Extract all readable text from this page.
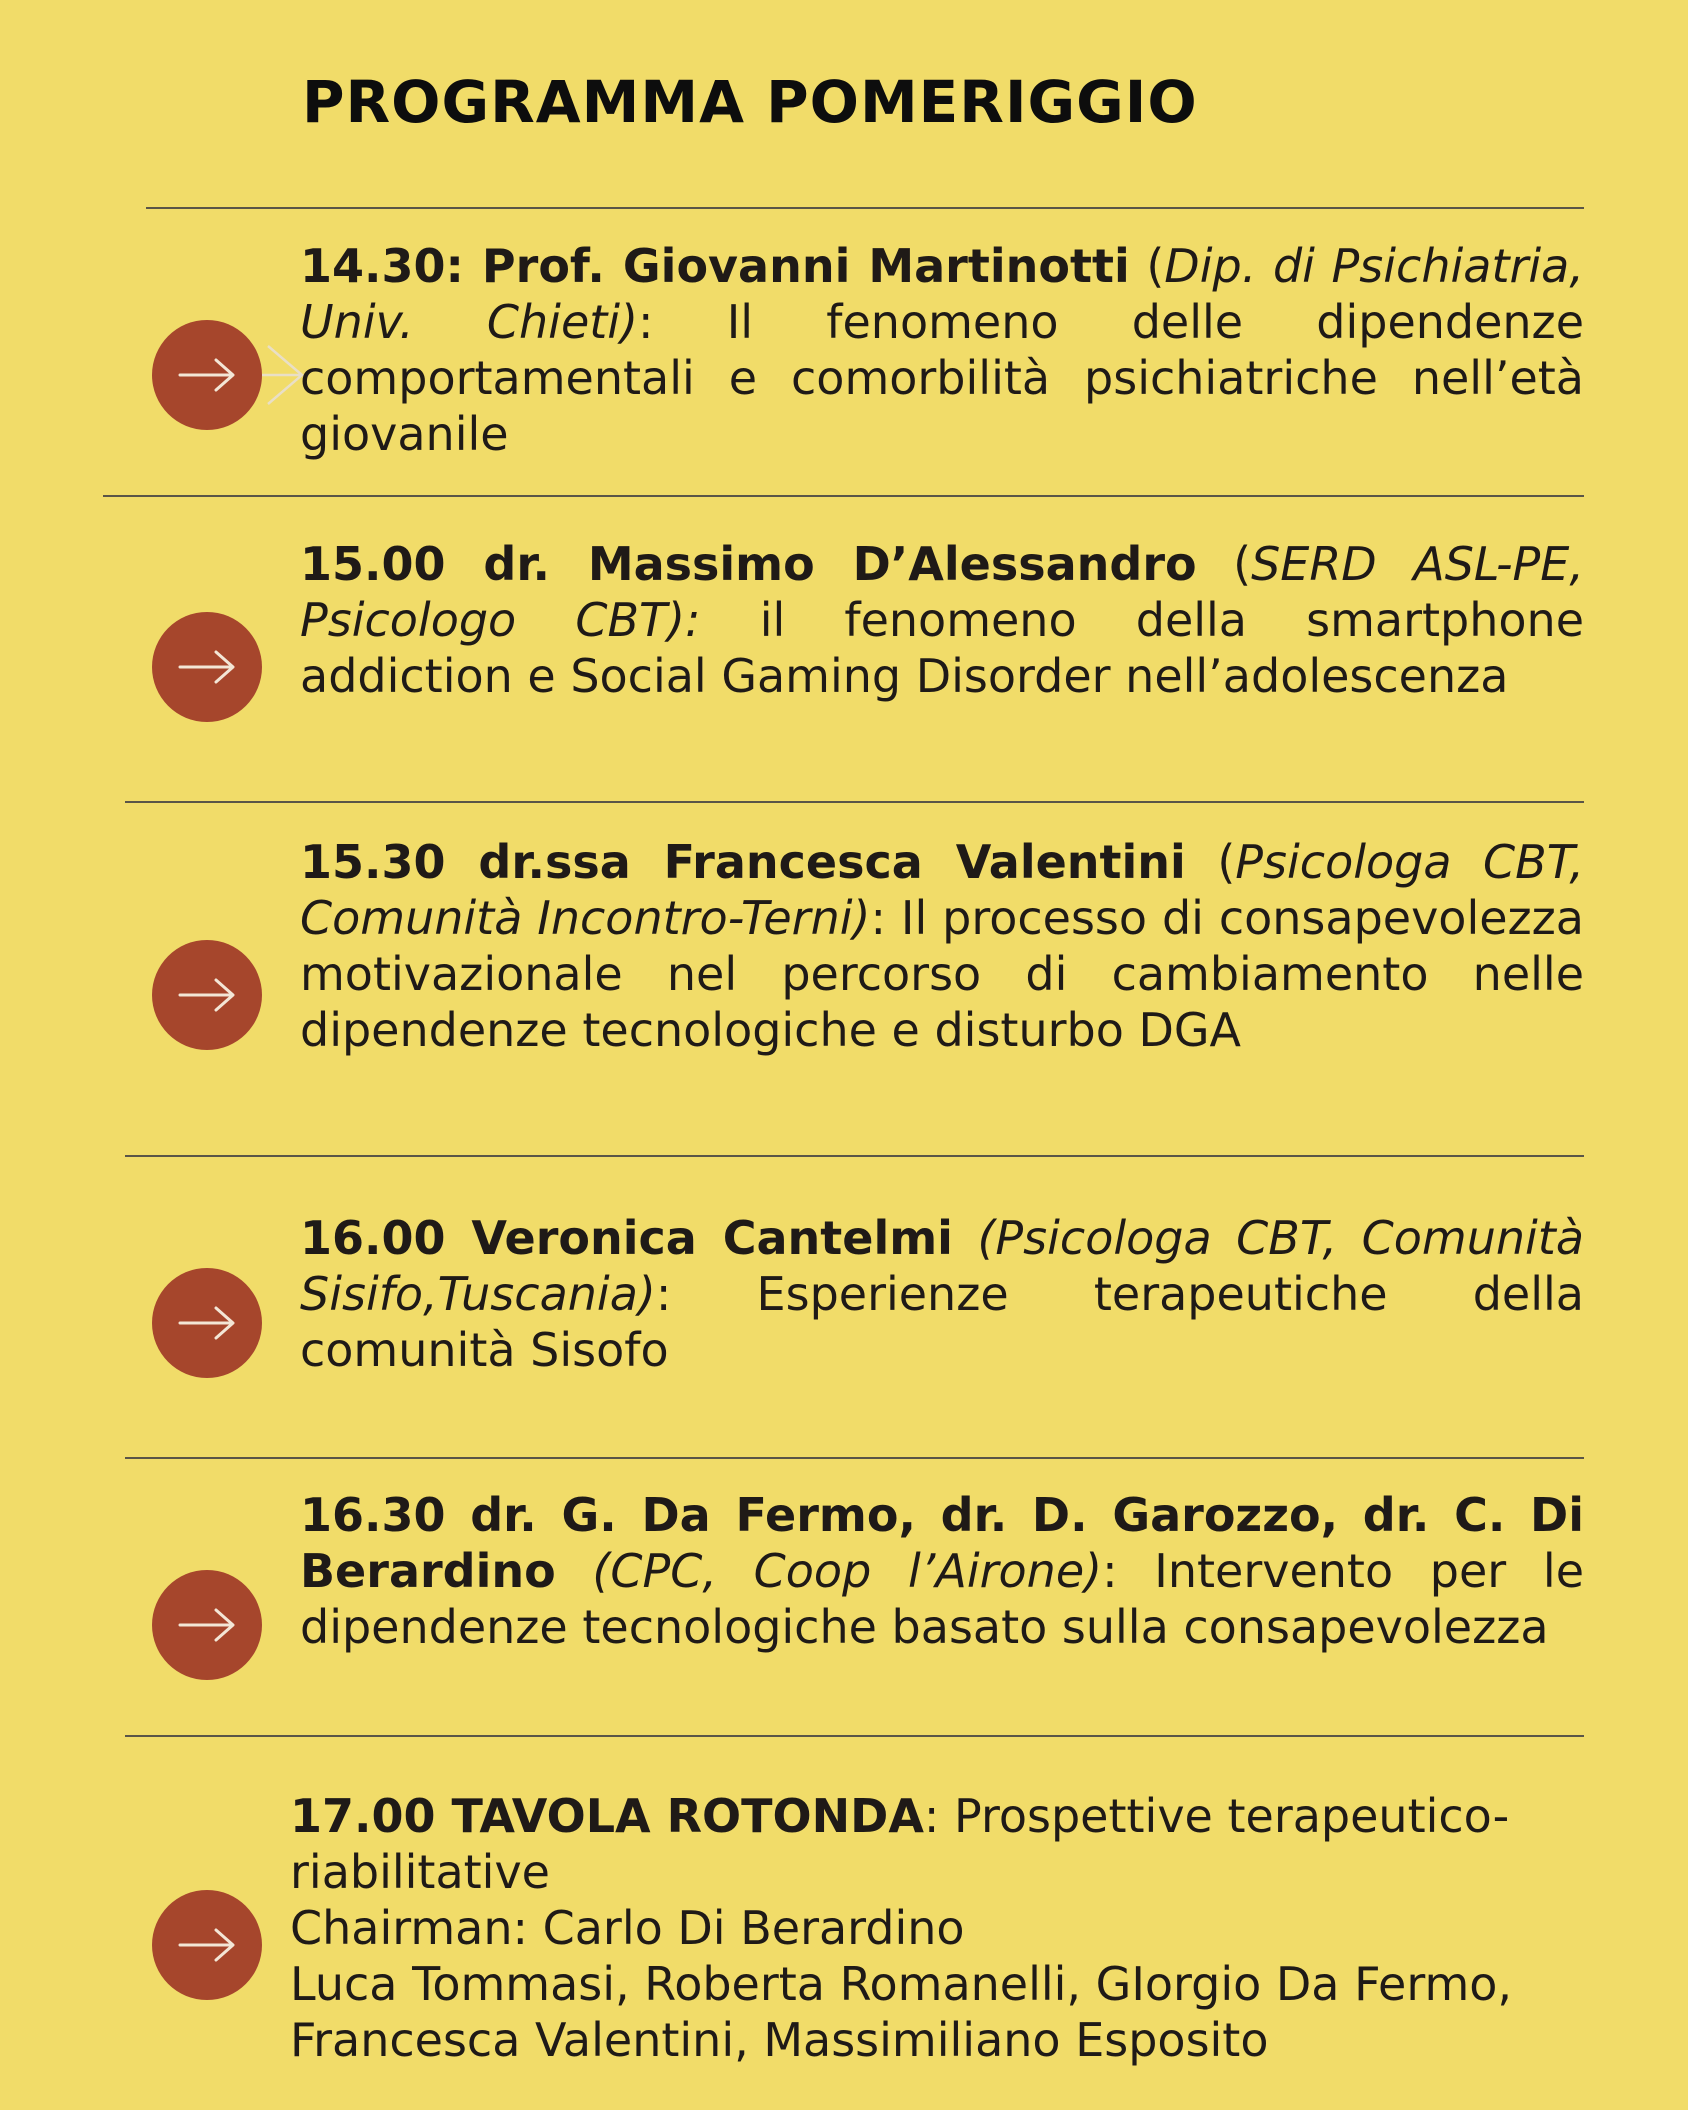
PROGRAMMA POMERIGGIO

14.30: Prof. Giovanni Martinotti (Dip. di Psichiatria, Univ. Chieti): Il fenomeno delle dipendenze comportamentali e comorbilità psichiatriche nell’età giovanile

15.00 dr. Massimo D’Alessandro (SERD ASL-PE, Psicologo CBT): il fenomeno della smartphone addiction e Social Gaming Disorder nell’adolescenza

15.30 dr.ssa Francesca Valentini (Psicologa CBT, Comunità Incontro-Terni): Il processo di consapevolezza motivazionale nel percorso di cambiamento nelle dipendenze tecnologiche e disturbo DGA

16.00 Veronica Cantelmi (Psicologa CBT, Comunità Sisifo,Tuscania): Esperienze terapeutiche della comunità Sisofo

16.30 dr. G. Da Fermo, dr. D. Garozzo, dr. C. Di Berardino (CPC, Coop l’Airone): Intervento per le dipendenze tecnologiche basato sulla consapevolezza

17.00 TAVOLA ROTONDA: Prospettive terapeutico-riabilitative
Chairman: Carlo Di Berardino
Luca Tommasi, Roberta Romanelli, GIorgio Da Fermo, Francesca Valentini, Massimiliano Esposito
